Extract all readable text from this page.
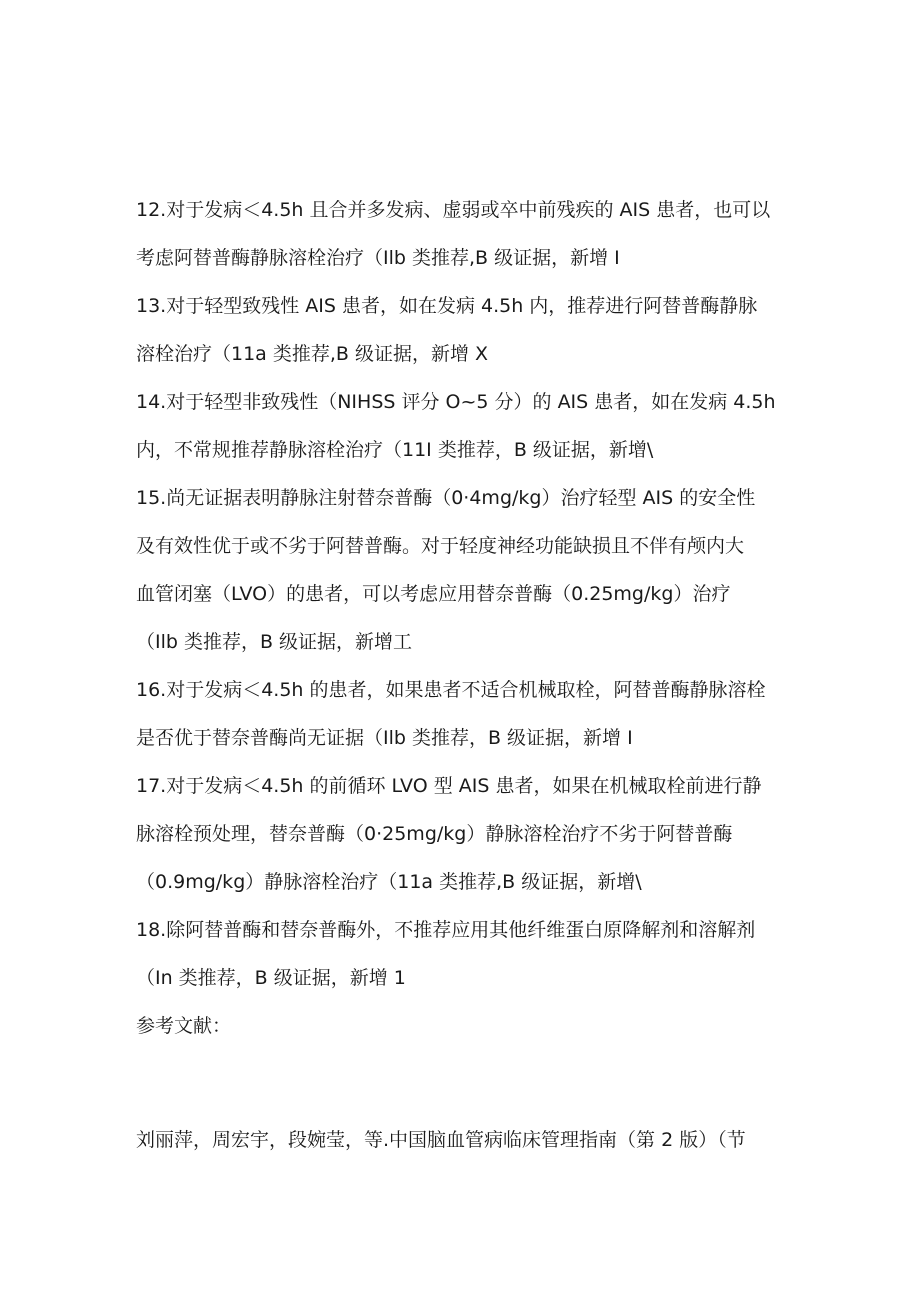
12.对于发病＜4.5h 且合并多发病、虚弱或卒中前残疾的 AIS 患者，也可以
考虑阿替普酶静脉溶栓治疗（Ilb 类推荐,B 级证据，新增 I
13.对于轻型致残性 AIS 患者，如在发病 4.5h 内，推荐进行阿替普酶静脉
溶栓治疗（11a 类推荐,B 级证据，新增 X
14.对于轻型非致残性（NIHSS 评分 O~5 分）的 AIS 患者，如在发病 4.5h
内，不常规推荐静脉溶栓治疗（11I 类推荐，B 级证据，新增\
15.尚无证据表明静脉注射替奈普酶（0·4mg/kg）治疗轻型 AIS 的安全性
及有效性优于或不劣于阿替普酶。对于轻度神经功能缺损且不伴有颅内大
血管闭塞（LVO）的患者，可以考虑应用替奈普酶（0.25mg/kg）治疗
（Ilb 类推荐，B 级证据，新增工
16.对于发病＜4.5h 的患者，如果患者不适合机械取栓，阿替普酶静脉溶栓
是否优于替奈普酶尚无证据（Ilb 类推荐，B 级证据，新增 I
17.对于发病＜4.5h 的前循环 LVO 型 AIS 患者，如果在机械取栓前进行静
脉溶栓预处理，替奈普酶（0·25mg/kg）静脉溶栓治疗不劣于阿替普酶
（0.9mg/kg）静脉溶栓治疗（11a 类推荐,B 级证据，新增\
18.除阿替普酶和替奈普酶外，不推荐应用其他纤维蛋白原降解剂和溶解剂
（In 类推荐，B 级证据，新增 1
参考文献：
刘丽萍，周宏宇，段婉莹，等.中国脑血管病临床管理指南（第 2 版）（节
